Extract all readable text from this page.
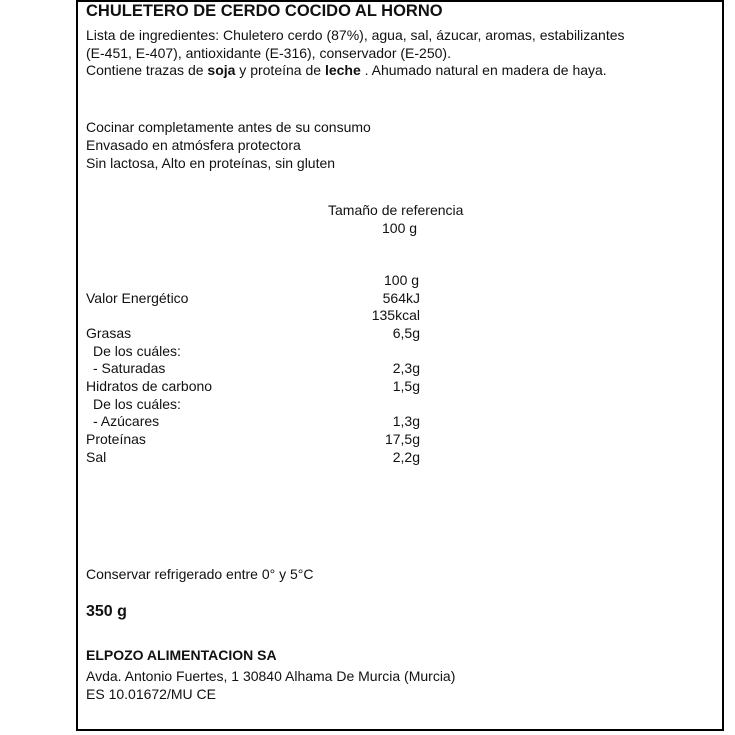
CHULETERO DE CERDO COCIDO AL HORNO
Lista de ingredientes: Chuletero cerdo (87%), agua, sal, ázucar, aromas, estabilizantes (E-451, E-407), antioxidante (E-316), conservador (E-250).
Contiene trazas de soja y proteína de leche . Ahumado natural en madera de haya.
Cocinar completamente antes de su consumo
Envasado en atmósfera protectora
Sin lactosa, Alto en proteínas, sin gluten
Tamaño de referencia
100 g
100 g
Valor Energético	564kJ
135kcal
Grasas	6,5g
De los cuáles:
- Saturadas	2,3g
Hidratos de carbono	1,5g
De los cuáles:
- Azúcares	1,3g
Proteínas	17,5g
Sal	2,2g
Conservar refrigerado entre 0° y 5°C
350 g
ELPOZO ALIMENTACION SA
Avda. Antonio Fuertes, 1 30840 Alhama De Murcia (Murcia)
ES 10.01672/MU CE
